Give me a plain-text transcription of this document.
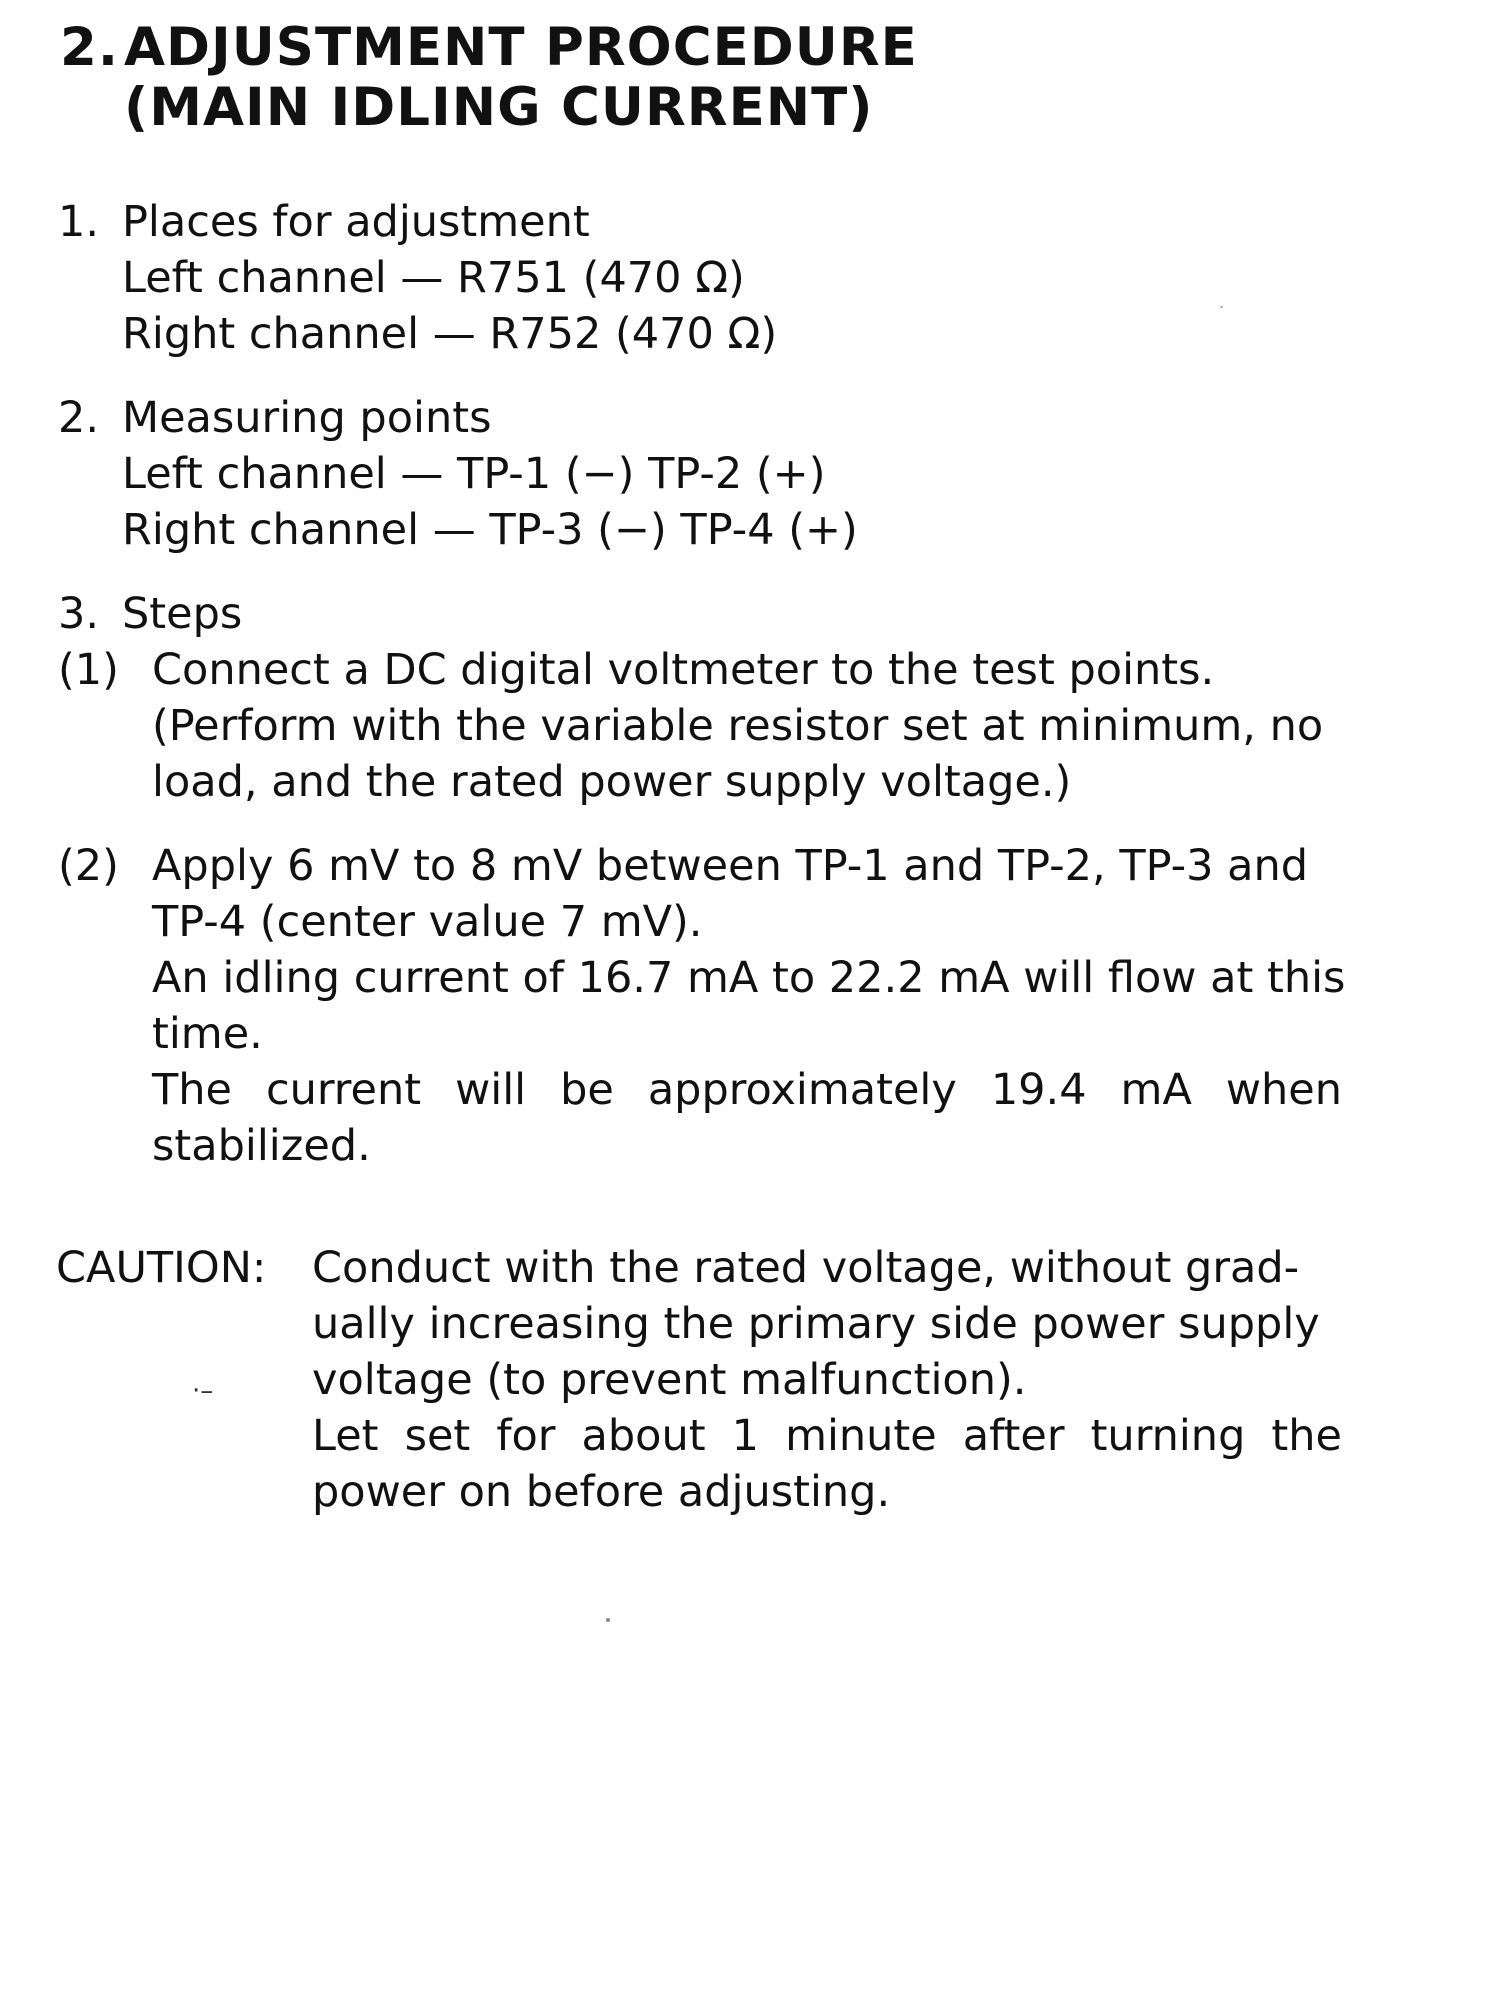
2.ADJUSTMENT PROCEDURE
(MAIN IDLING CURRENT)
1. Places for adjustment
Left channel — R751 (470 Ω)
Right channel — R752 (470 Ω)
2. Measuring points
Left channel — TP-1 (−) TP-2 (+)
Right channel — TP-3 (−) TP-4 (+)
3. Steps
(1) Connect a DC digital voltmeter to the test points.
(Perform with the variable resistor set at minimum, no
load, and the rated power supply voltage.)
(2) Apply 6 mV to 8 mV between TP-1 and TP-2, TP-3 and
TP-4 (center value 7 mV).
An idling current of 16.7 mA to 22.2 mA will flow at this
time.
The current will be approximately 19.4 mA when
stabilized.
CAUTION: Conduct with the rated voltage, without grad-
ually increasing the primary side power supply
voltage (to prevent malfunction).
Let set for about 1 minute after turning the
power on before adjusting.
·–
